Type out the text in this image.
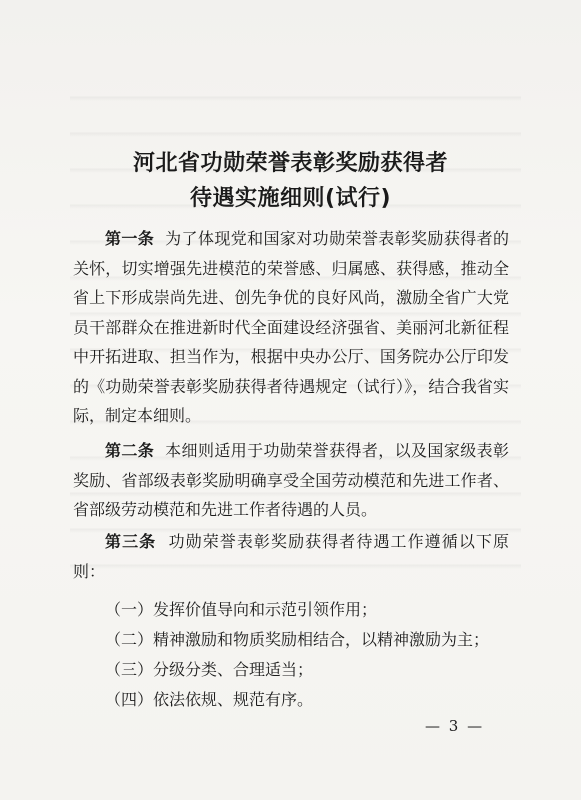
河北省功勋荣誉表彰奖励获得者
待遇实施细则(试行)

第一条 为了体现党和国家对功勋荣誉表彰奖励获得者的关怀，切实增强先进模范的荣誉感、归属感、获得感，推动全省上下形成崇尚先进、创先争优的良好风尚，激励全省广大党员干部群众在推进新时代全面建设经济强省、美丽河北新征程中开拓进取、担当作为，根据中央办公厅、国务院办公厅印发的《功勋荣誉表彰奖励获得者待遇规定（试行）》，结合我省实际，制定本细则。

第二条 本细则适用于功勋荣誉获得者，以及国家级表彰奖励、省部级表彰奖励明确享受全国劳动模范和先进工作者、省部级劳动模范和先进工作者待遇的人员。

第三条 功勋荣誉表彰奖励获得者待遇工作遵循以下原则：

（一）发挥价值导向和示范引领作用；

（二）精神激励和物质奖励相结合，以精神激励为主；

（三）分级分类、合理适当；

（四）依法依规、规范有序。

— 3 —
